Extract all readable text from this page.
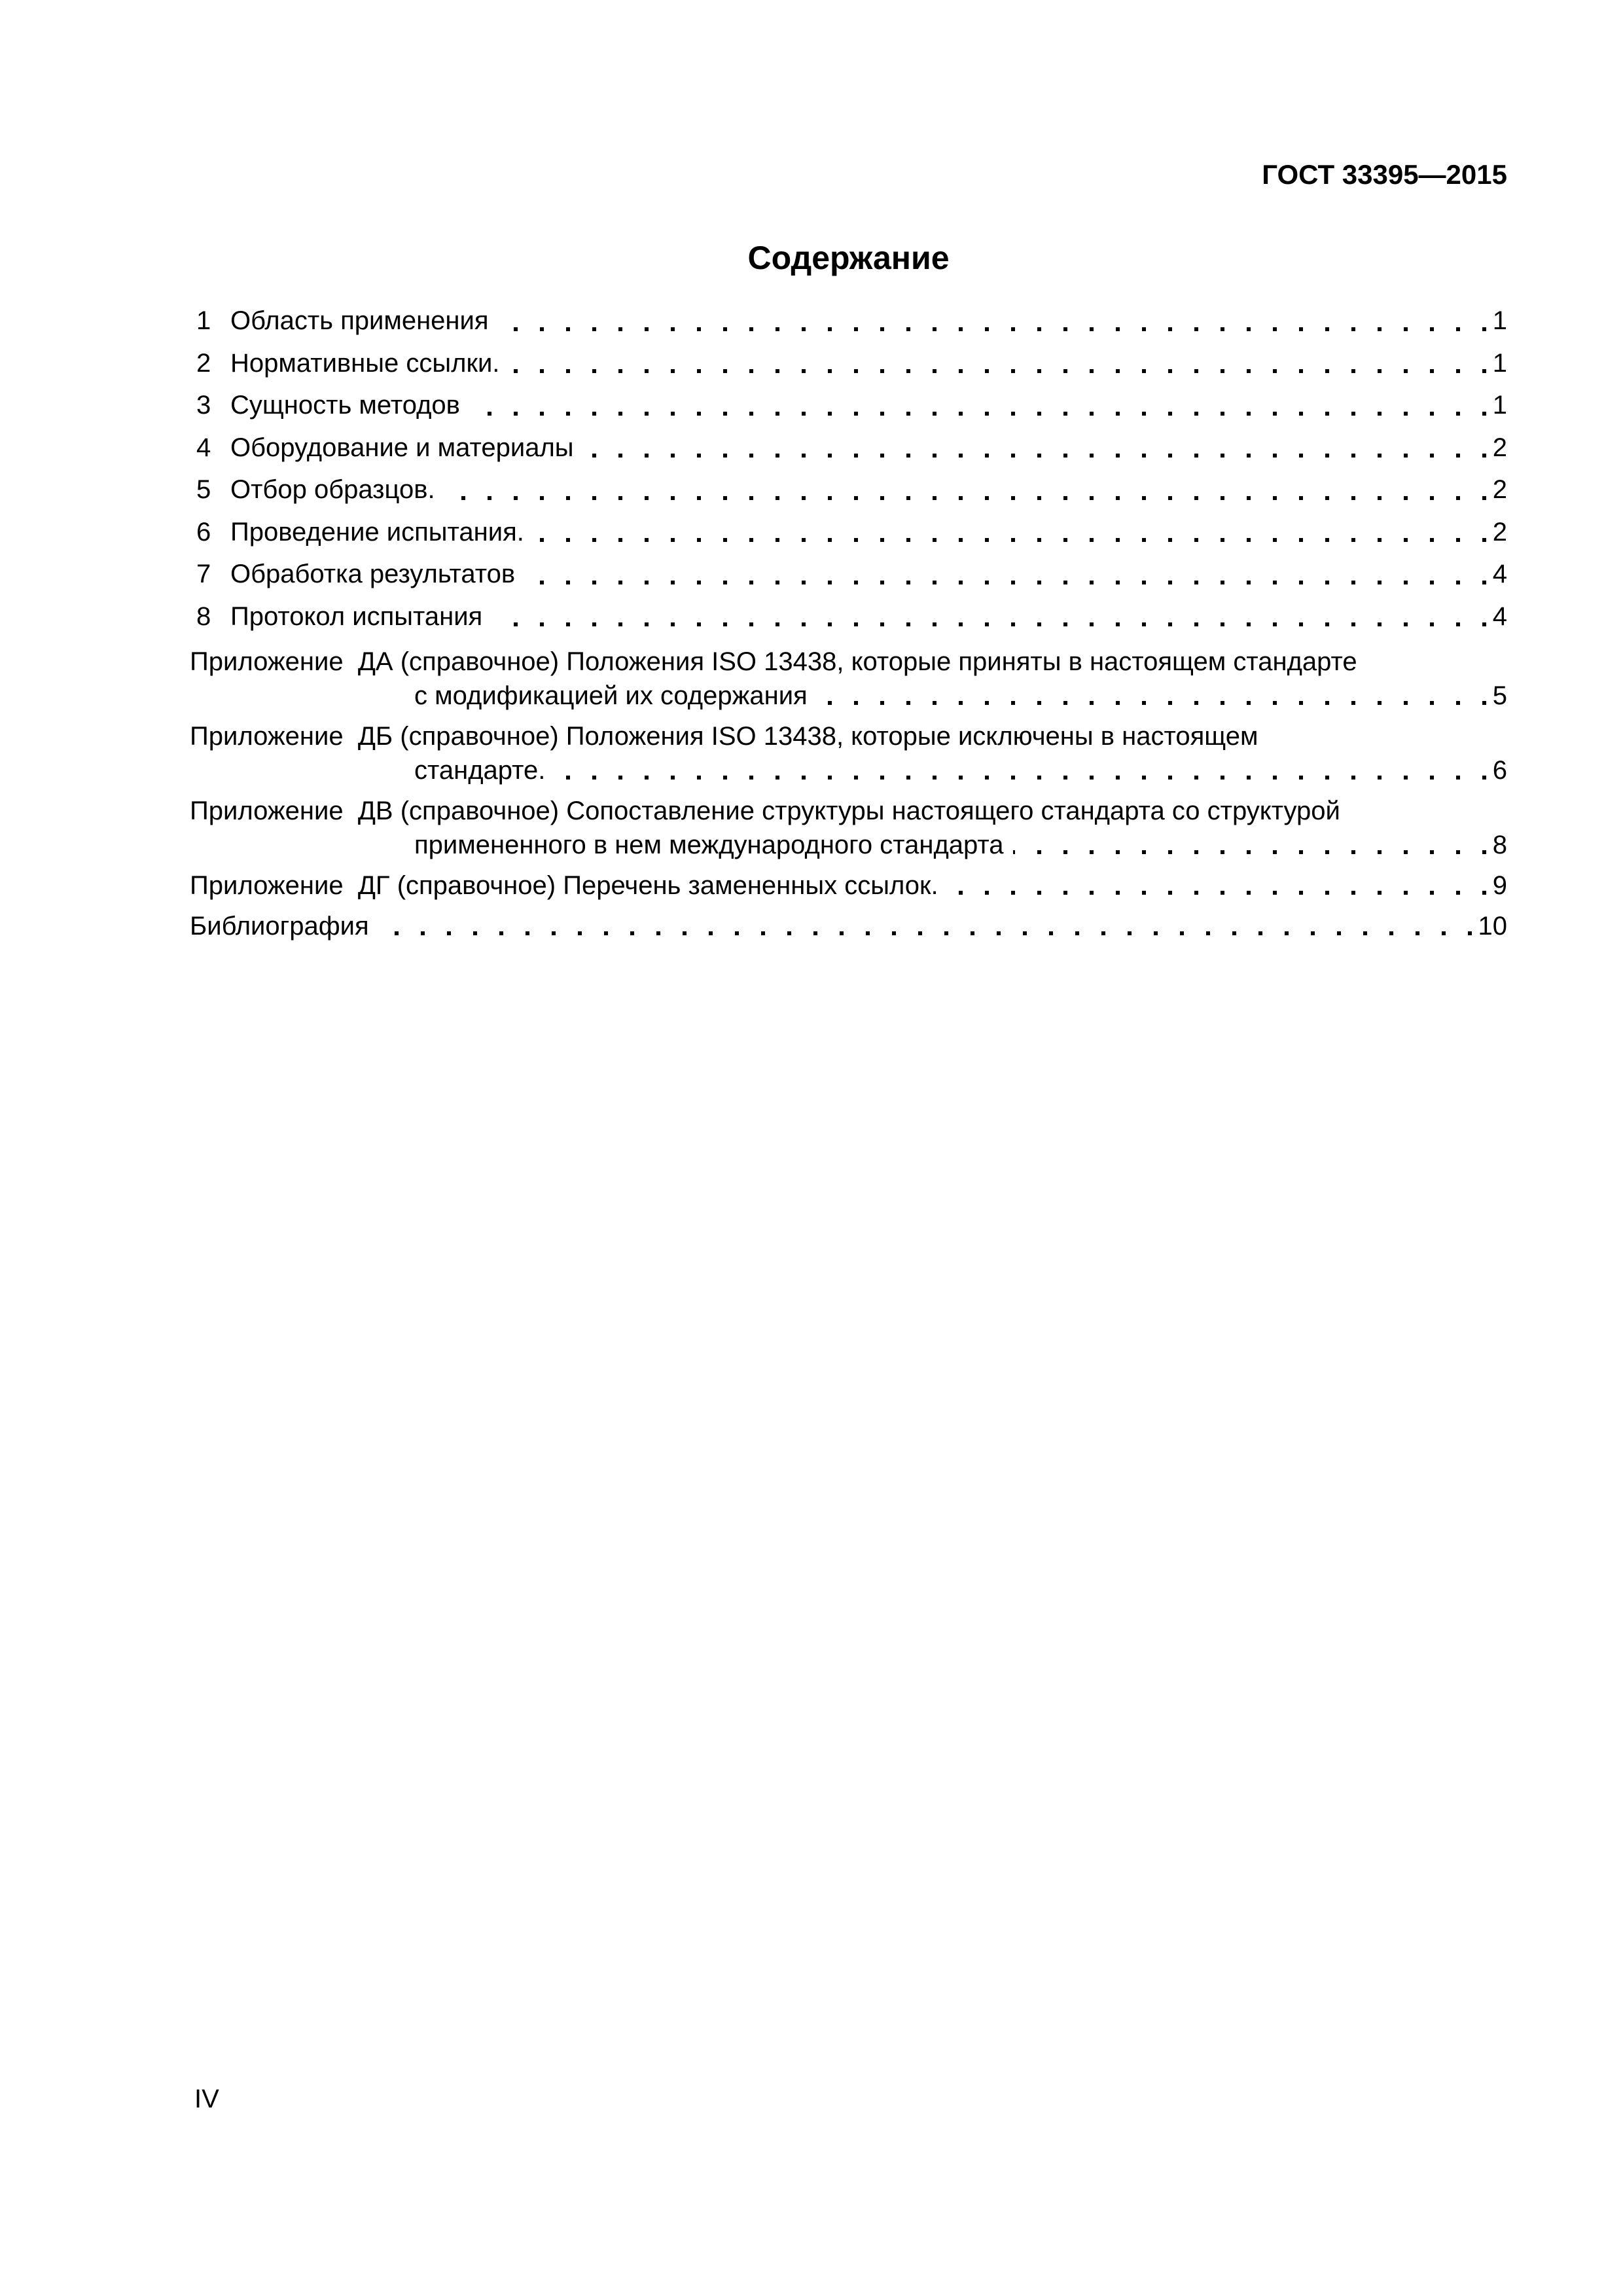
ГОСТ 33395—2015
Содержание
1 Область применения	1
2 Нормативные ссылки.	1
3 Сущность методов	1
4 Оборудование и материалы	2
5 Отбор образцов.	2
6 Проведение испытания.	2
7 Обработка результатов	4
8 Протокол испытания	4
Приложение  ДА (справочное) Положения ISO 13438, которые приняты в настоящем стандарте
с модификацией их содержания	5
Приложение  ДБ (справочное) Положения ISO 13438, которые исключены в настоящем
стандарте.	6
Приложение  ДВ (справочное) Сопоставление структуры настоящего стандарта со структурой
примененного в нем международного стандарта	8
Приложение  ДГ (справочное) Перечень замененных ссылок.	9
Библиография	10
IV
